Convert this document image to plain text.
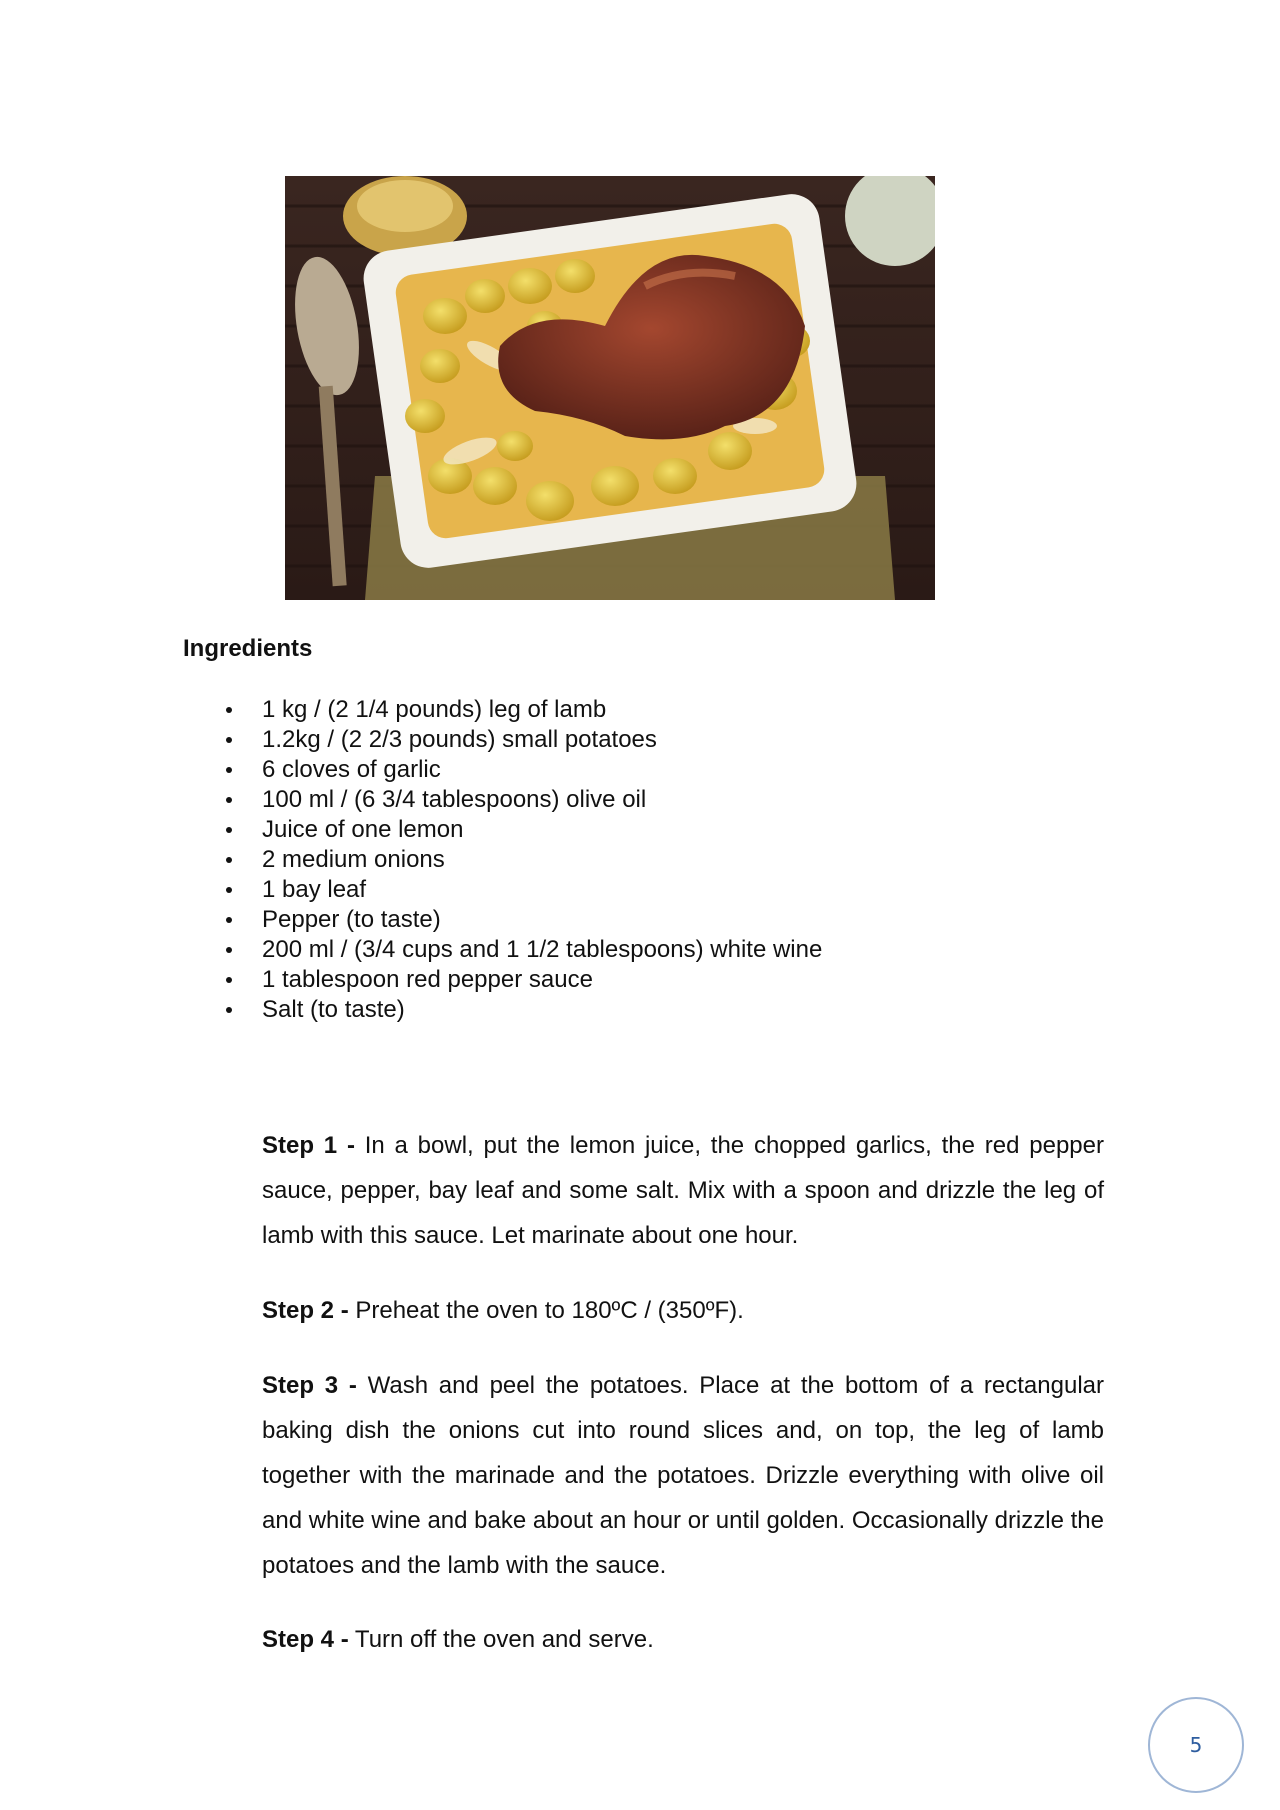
Ingredients
1 kg / (2 1/4 pounds) leg of lamb
1.2kg / (2 2/3 pounds) small potatoes
6 cloves of garlic
100 ml / (6 3/4 tablespoons) olive oil
Juice of one lemon
2 medium onions
1 bay leaf
Pepper (to taste)
200 ml / (3/4 cups and 1 1/2 tablespoons) white wine
1 tablespoon red pepper sauce
Salt (to taste)

Step 1 - In a bowl, put the lemon juice, the chopped garlics, the red pepper sauce, pepper, bay leaf and some salt. Mix with a spoon and drizzle the leg of lamb with this sauce. Let marinate about one hour.

Step 2 - Preheat the oven to 180ºC / (350ºF).

Step 3 - Wash and peel the potatoes. Place at the bottom of a rectangular baking dish the onions cut into round slices and, on top, the leg of lamb together with the marinade and the potatoes. Drizzle everything with olive oil and white wine and bake about an hour or until golden. Occasionally drizzle the potatoes and the lamb with the sauce.

Step 4 - Turn off the oven and serve.

5
